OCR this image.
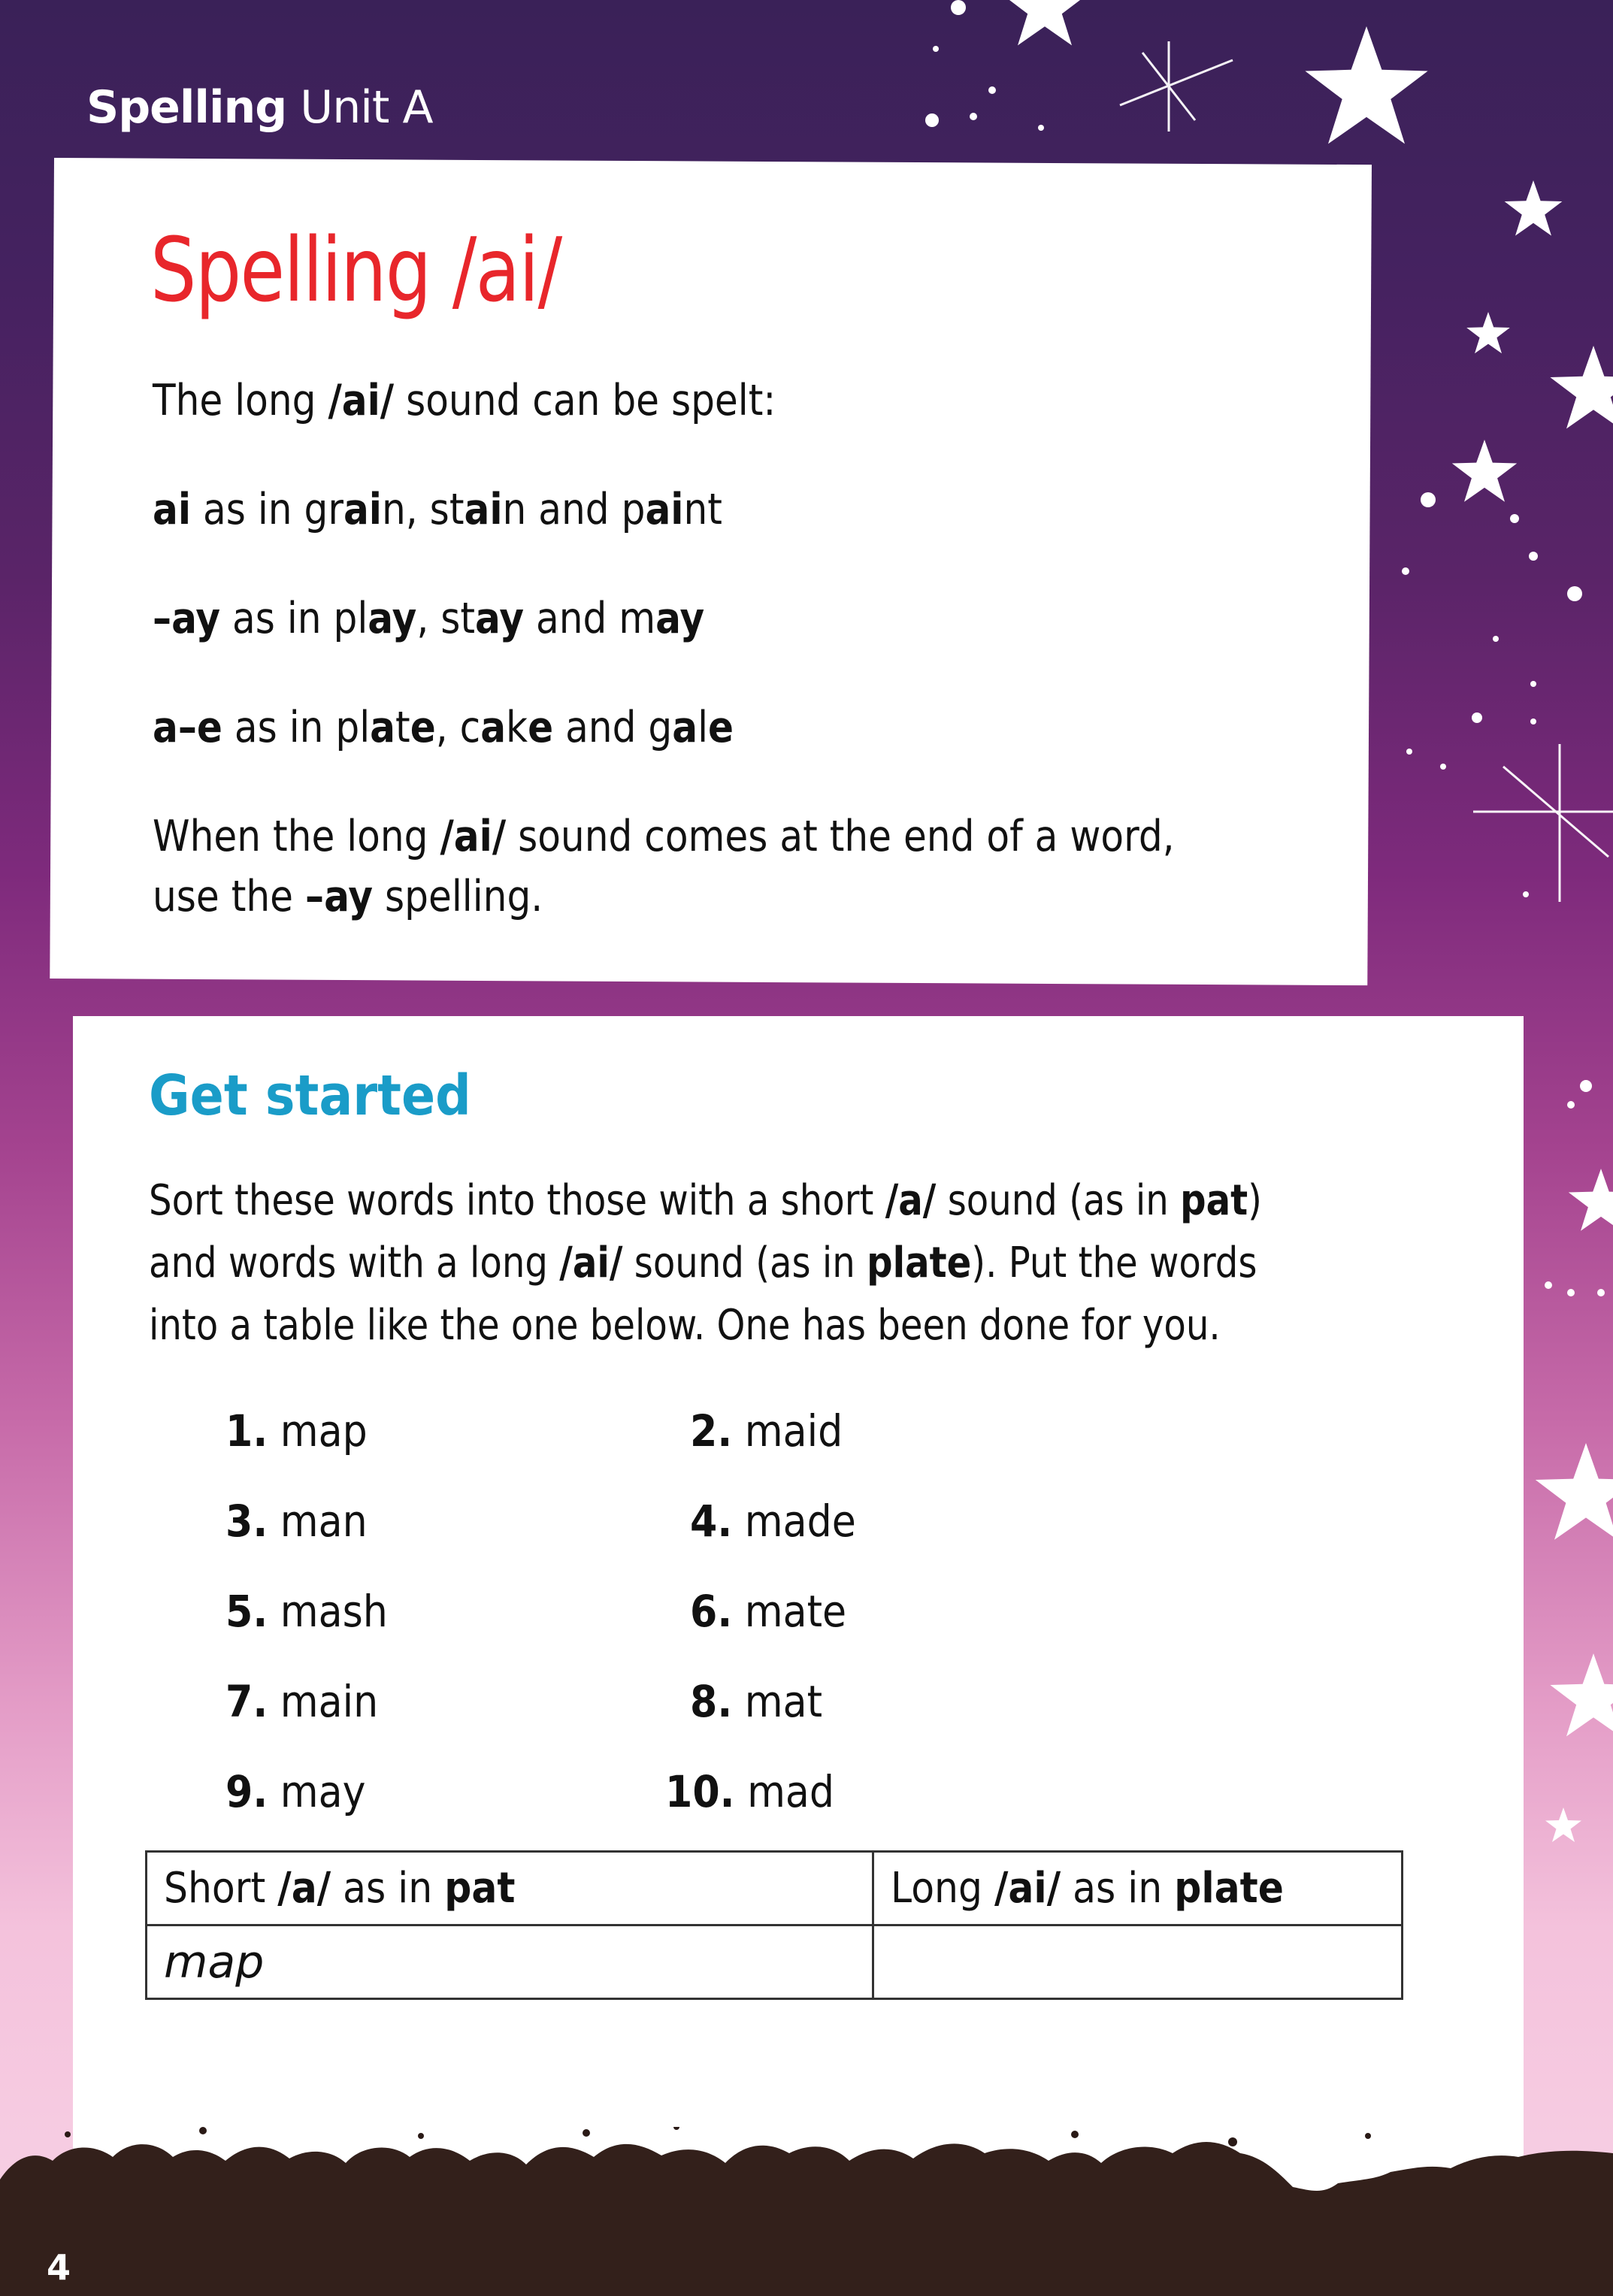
Spelling Unit A
Spelling /ai/
The long /ai/ sound can be spelt:
ai as in grain, stain and paint
–ay as in play, stay and may
a–e as in plate, cake and gale
When the long /ai/ sound comes at the end of a word,
use the –ay spelling.
Get started
Sort these words into those with a short /a/ sound (as in pat)
and words with a long /ai/ sound (as in plate). Put the words
into a table like the one below. One has been done for you.
1. map	2. maid
3. man	4. made
5. mash	6. mate
7. main	8. mat
9. may	10. mad
Short /a/ as in pat	Long /ai/ as in plate
map	
4
